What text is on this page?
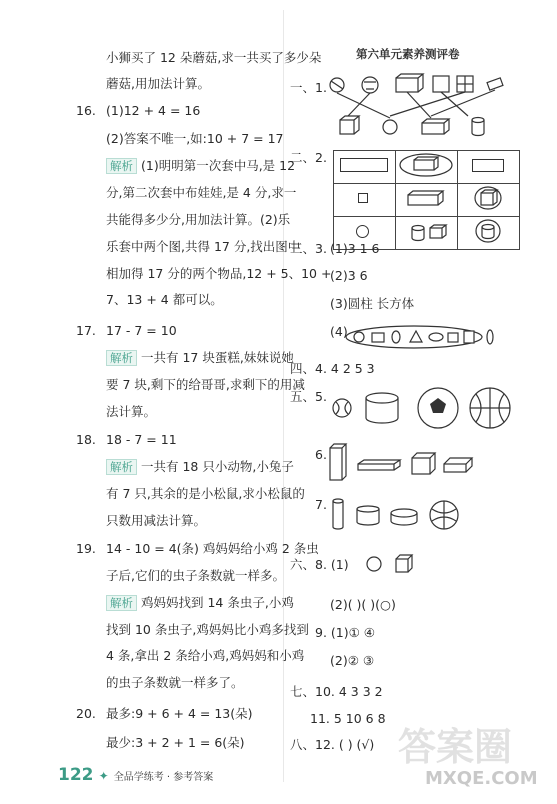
小狮买了 12 朵蘑菇,求一共买了多少朵
蘑菇,用加法计算。
16. (1)12 + 4 = 16
(2)答案不唯一,如:10 + 7 = 17
解析 (1)明明第一次套中马,是 12
分,第二次套中布娃娃,是 4 分,求一
共能得多少分,用加法计算。(2)乐
乐套中两个图,共得 17 分,找出图中
相加得 17 分的两个物品,12 + 5、10 +
7、13 + 4 都可以。
17. 17 - 7 = 10
解析 一共有 17 块蛋糕,妹妹说她
要 7 块,剩下的给哥哥,求剩下的用减
法计算。
18. 18 - 7 = 11
解析 一共有 18 只小动物,小兔子
有 7 只,其余的是小松鼠,求小松鼠的
只数用减法计算。
19. 14 - 10 = 4(条) 鸡妈妈给小鸡 2 条虫
子后,它们的虫子条数就一样多。
解析 鸡妈妈找到 14 条虫子,小鸡
找到 10 条虫子,鸡妈妈比小鸡多找到
4 条,拿出 2 条给小鸡,鸡妈妈和小鸡
的虫子条数就一样多了。
20. 最多:9 + 6 + 4 = 13(朵)
最少:3 + 2 + 1 = 6(朵)
第六单元素养测评卷
一、1.
二、2.

三、3. (1)3 1 6
(2)3 6
(3)圆柱 长方体
(4)
四、4. 4 2 5 3
五、5.
6.
7.
六、8. (1)
(2)( )( )(○)
9. (1)① ④
(2)② ③
七、10. 4 3 3 2
11. 5 10 6 8
八、12. ( ) (√) 答案圈
MXQE.COM
122 ✦ 全品学练考 · 参考答案
